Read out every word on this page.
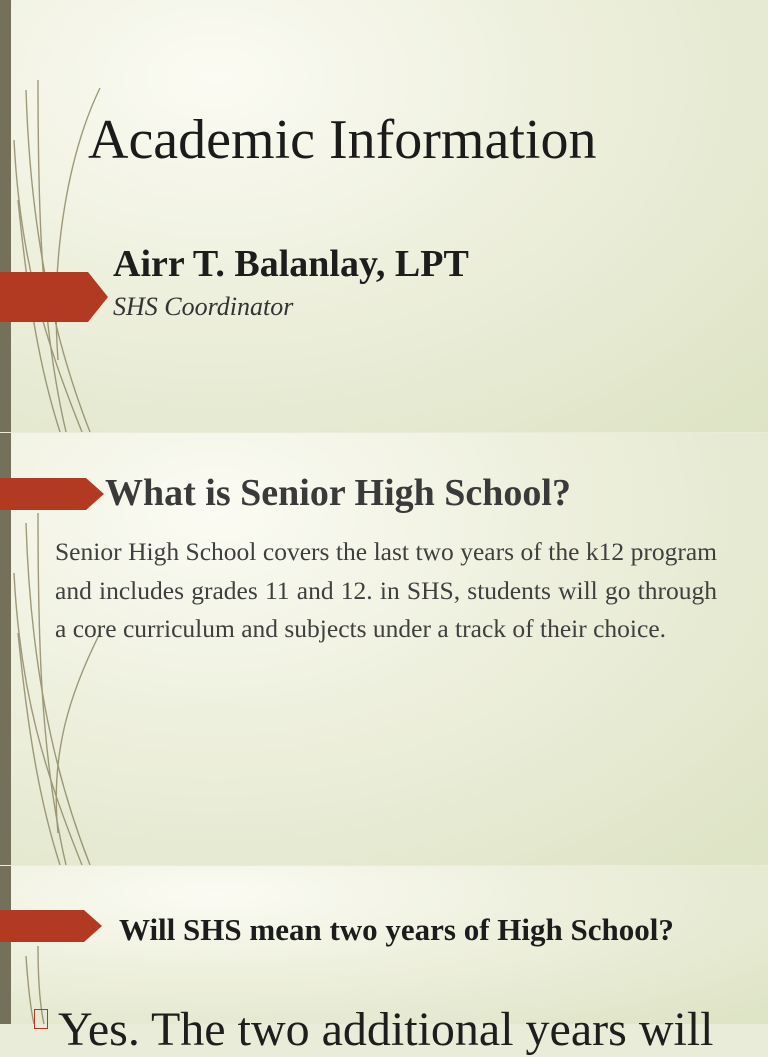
Academic Information
Airr T. Balanlay, LPT

SHS Coordinator

What is Senior High School?

Senior High School covers the last two years of the k12 program and includes grades 11 and 12. in SHS, students will go through a core curriculum and subjects under a track of their choice.

Will SHS mean two years of High School?

Yes. The two additional years will
